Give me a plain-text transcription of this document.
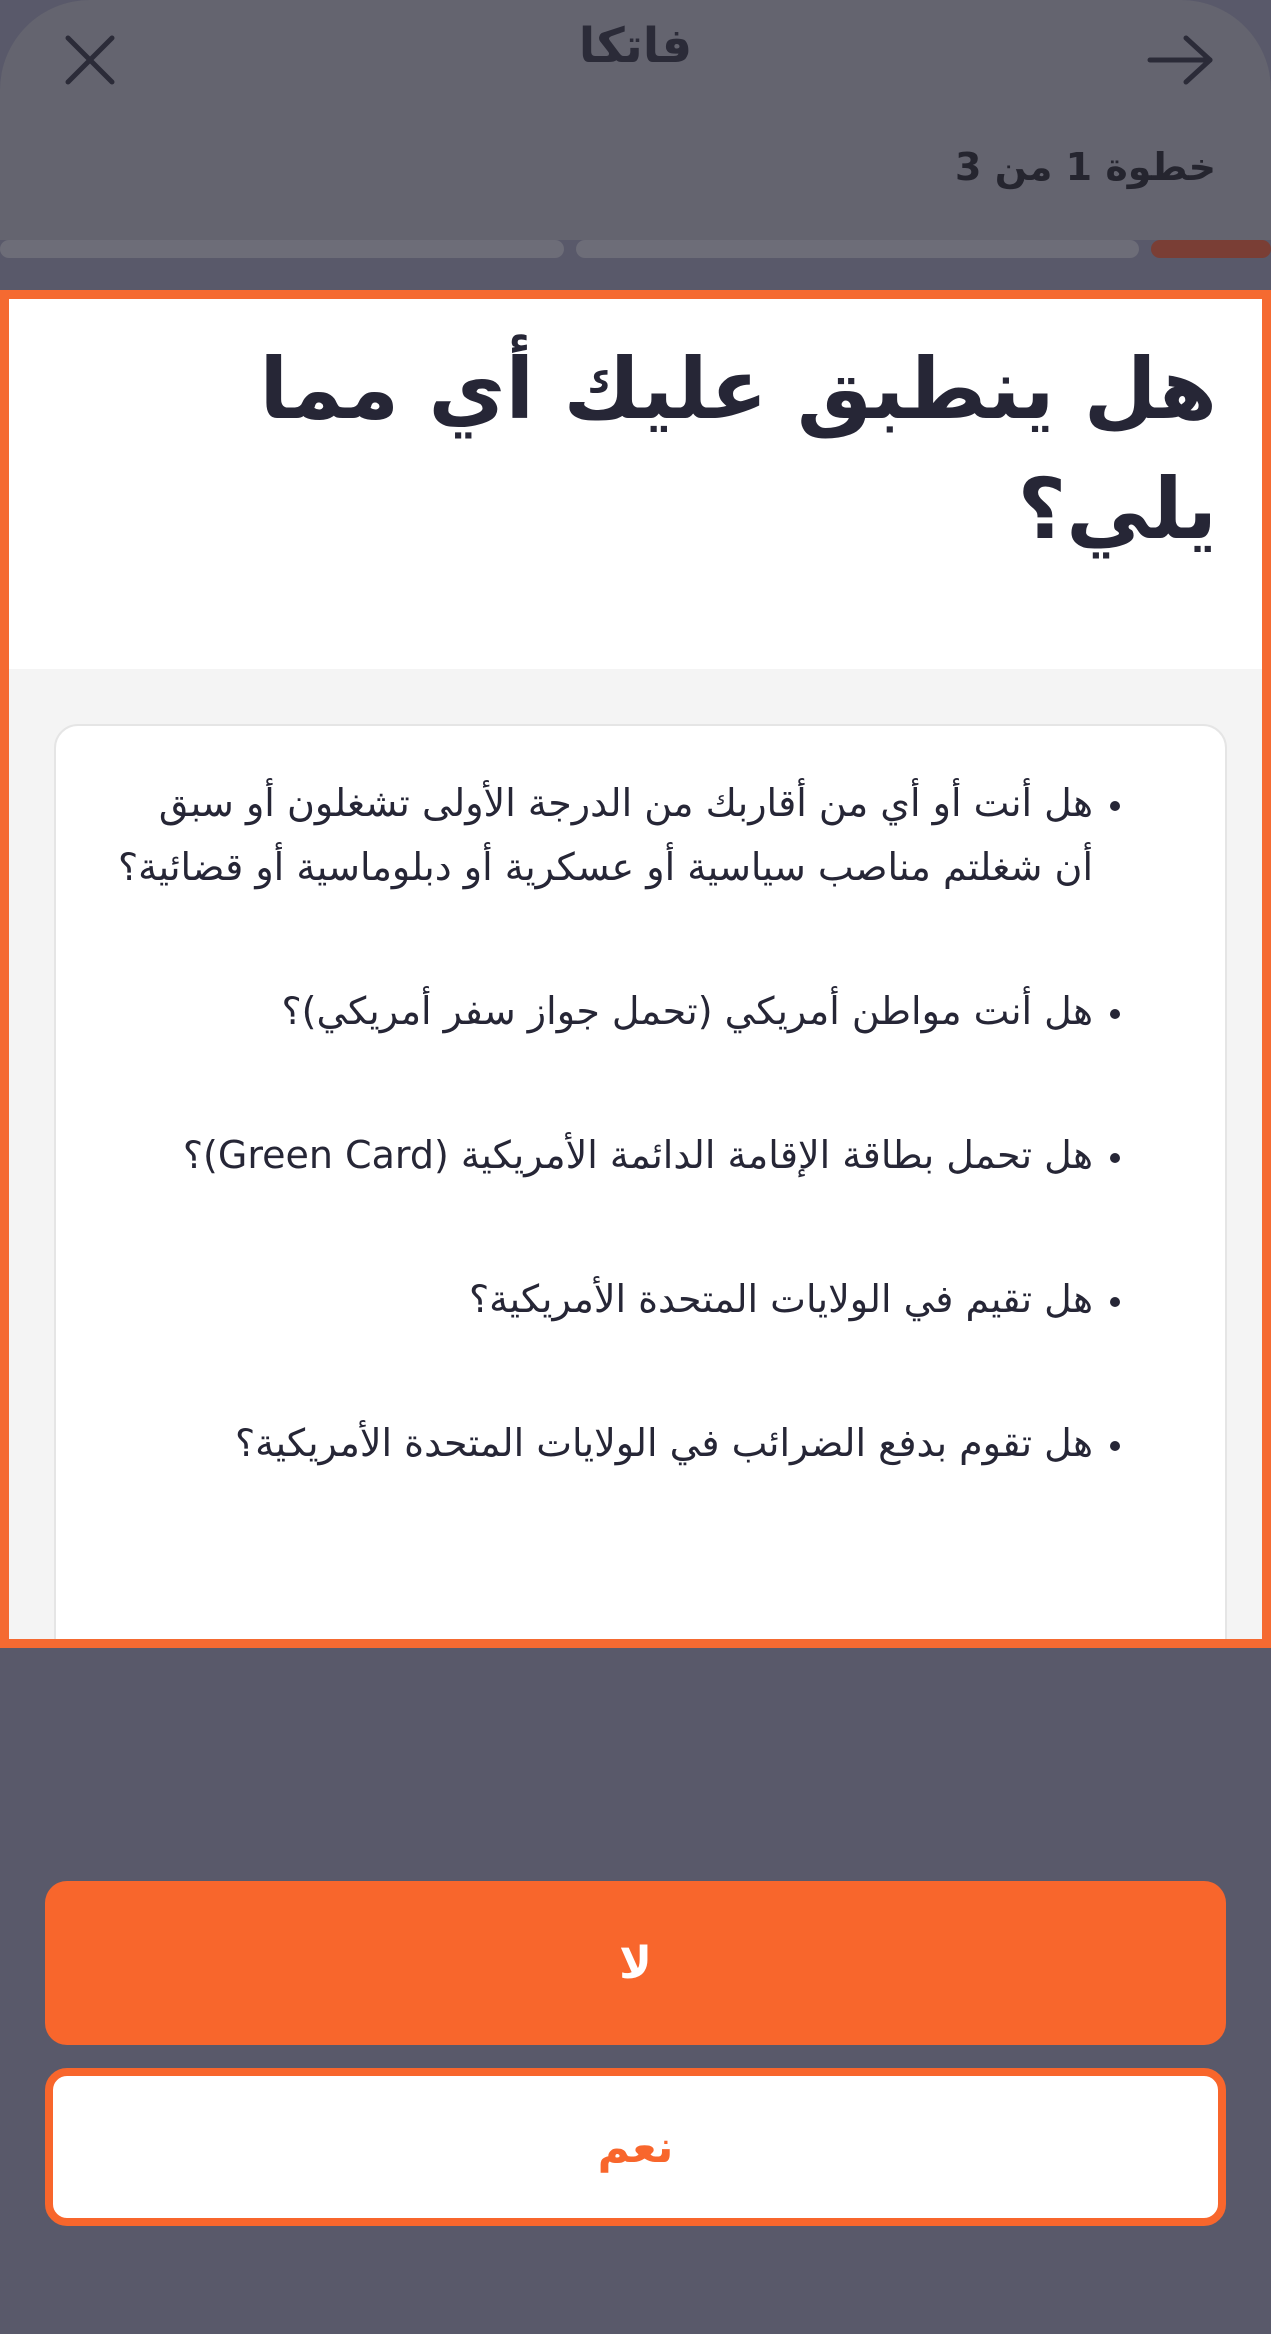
فاتكا
خطوة 1 من 3
هل ينطبق عليك أي مما يلي؟
• هل أنت أو أي من أقاربك من الدرجة الأولى تشغلون أو سبق أن شغلتم مناصب سياسية أو عسكرية أو دبلوماسية أو قضائية؟
• هل أنت مواطن أمريكي (تحمل جواز سفر أمريكي)؟
• هل تحمل بطاقة الإقامة الدائمة الأمريكية (Green Card)؟
• هل تقيم في الولايات المتحدة الأمريكية؟
• هل تقوم بدفع الضرائب في الولايات المتحدة الأمريكية؟
لا
نعم
